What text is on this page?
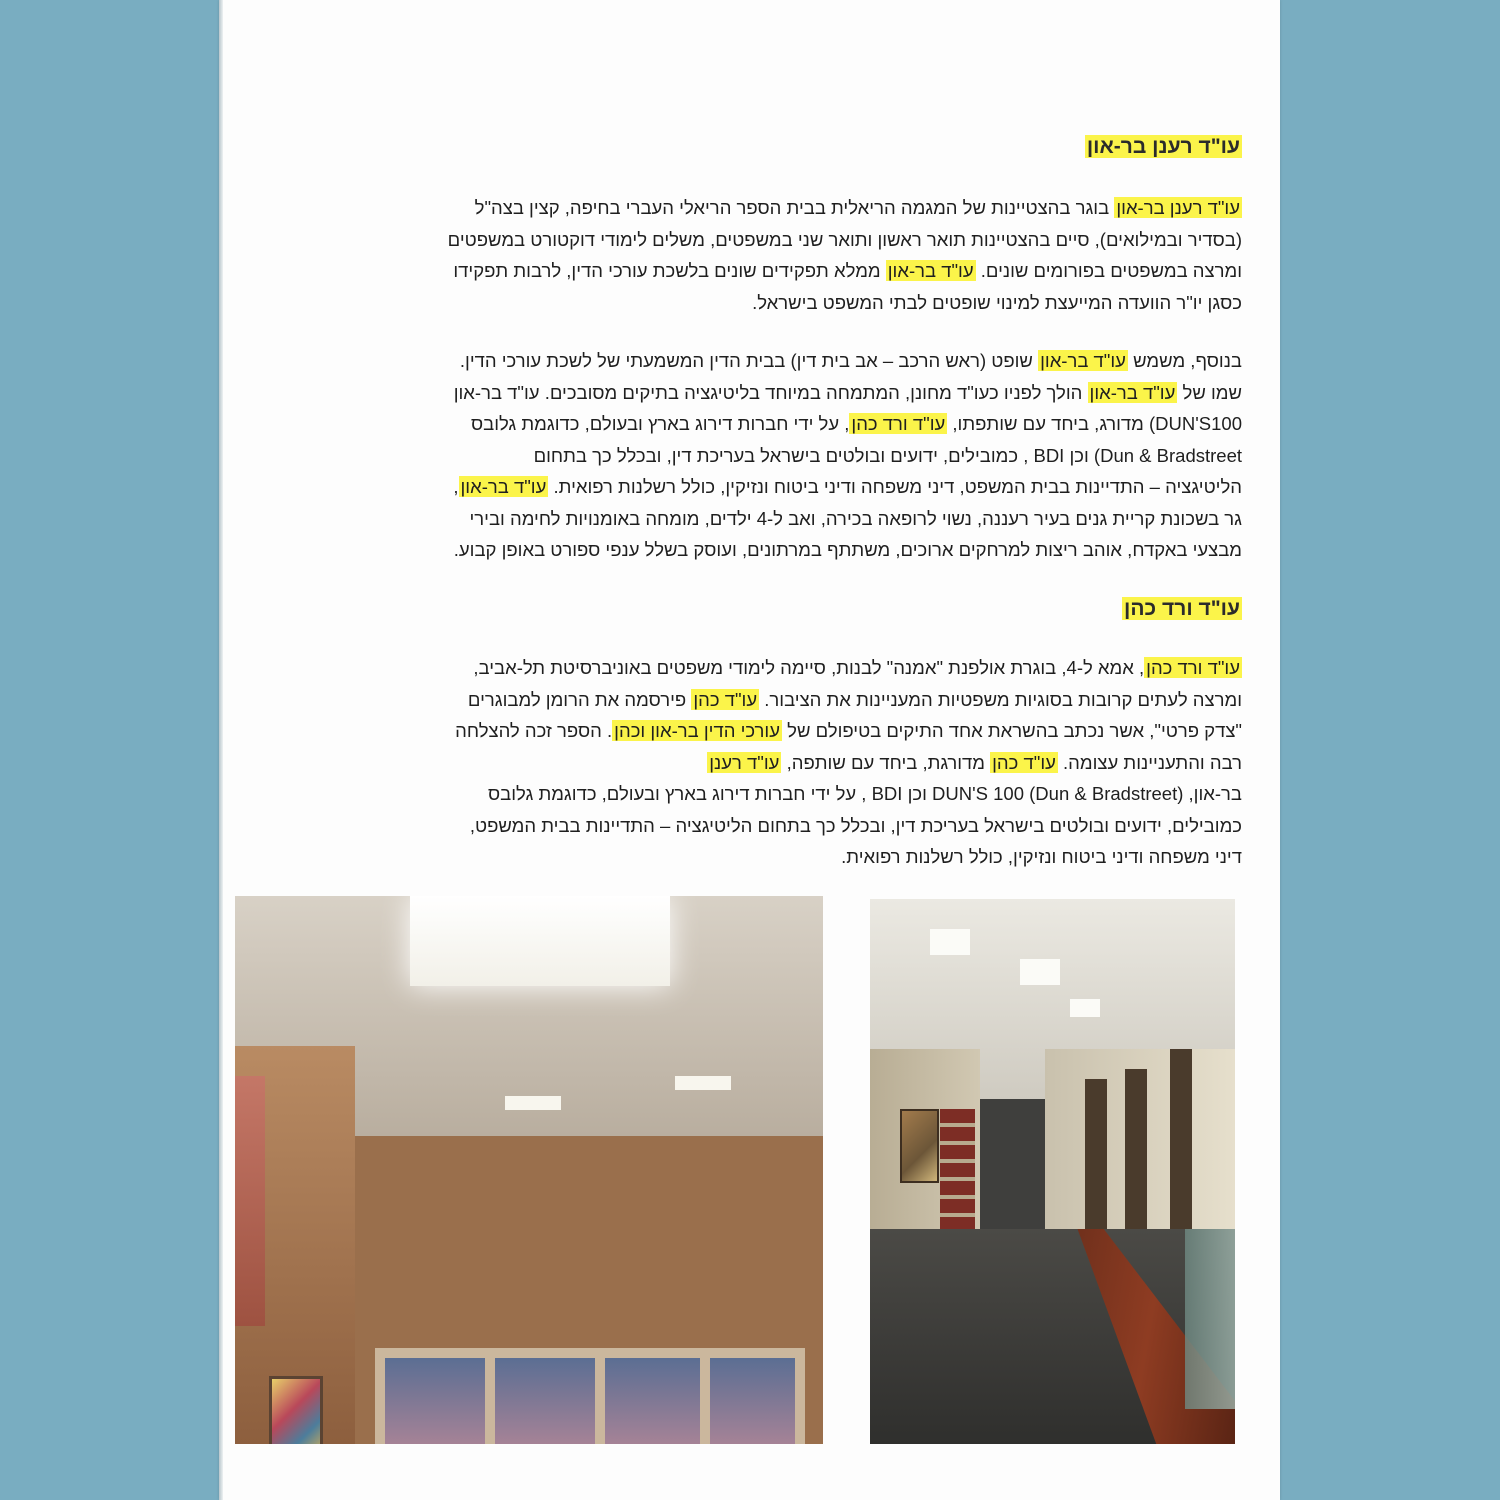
עו"ד רענן בר-און
עו"ד רענן בר-און בוגר בהצטיינות של המגמה הריאלית בבית הספר הריאלי העברי בחיפה, קצין בצה"ל
(בסדיר ובמילואים), סיים בהצטיינות תואר ראשון ותואר שני במשפטים, משלים לימודי דוקטורט במשפטים
ומרצה במשפטים בפורומים שונים. עו"ד בר-און ממלא תפקידים שונים בלשכת עורכי הדין, לרבות תפקידו
כסגן יו"ר הוועדה המייעצת למינוי שופטים לבתי המשפט בישראל.
בנוסף, משמש עו"ד בר-און שופט (ראש הרכב – אב בית דין) בבית הדין המשמעתי של לשכת עורכי הדין.
שמו של עו"ד בר-און הולך לפניו כעו"ד מחונן, המתמחה במיוחד בליטיגציה בתיקים מסובכים. עו"ד בר-און
DUN'S100) מדורג, ביחד עם שותפתו, עו"ד ורד כהן, על ידי חברות דירוג בארץ ובעולם, כדוגמת גלובס
Dun & Bradstreet) וכן BDI , כמובילים, ידועים ובולטים בישראל בעריכת דין, ובכלל כך בתחום
הליטיגציה – התדיינות בבית המשפט, דיני משפחה ודיני ביטוח ונזיקין, כולל רשלנות רפואית. עו"ד בר-און,
גר בשכונת קריית גנים בעיר רעננה, נשוי לרופאה בכירה, ואב ל-4 ילדים, מומחה באומנויות לחימה ובירי
מבצעי באקדח, אוהב ריצות למרחקים ארוכים, משתתף במרתונים, ועוסק בשלל ענפי ספורט באופן קבוע.
עו"ד ורד כהן
עו"ד ורד כהן, אמא ל-4, בוגרת אולפנת "אמנה" לבנות, סיימה לימודי משפטים באוניברסיטת תל-אביב,
ומרצה לעתים קרובות בסוגיות משפטיות המעניינות את הציבור. עו"ד כהן פירסמה את הרומן למבוגרים
"צדק פרטי", אשר נכתב בהשראת אחד התיקים בטיפולם של עורכי הדין בר-און וכהן. הספר זכה להצלחה
רבה והתעניינות עצומה. עו"ד כהן מדורגת, ביחד עם שותפה, עו"ד רענן
בר-און, (DUN'S 100 (Dun & Bradstreet וכן BDI , על ידי חברות דירוג בארץ ובעולם, כדוגמת גלובס
כמובילים, ידועים ובולטים בישראל בעריכת דין, ובכלל כך בתחום הליטיגציה – התדיינות בבית המשפט,
דיני משפחה ודיני ביטוח ונזיקין, כולל רשלנות רפואית.
